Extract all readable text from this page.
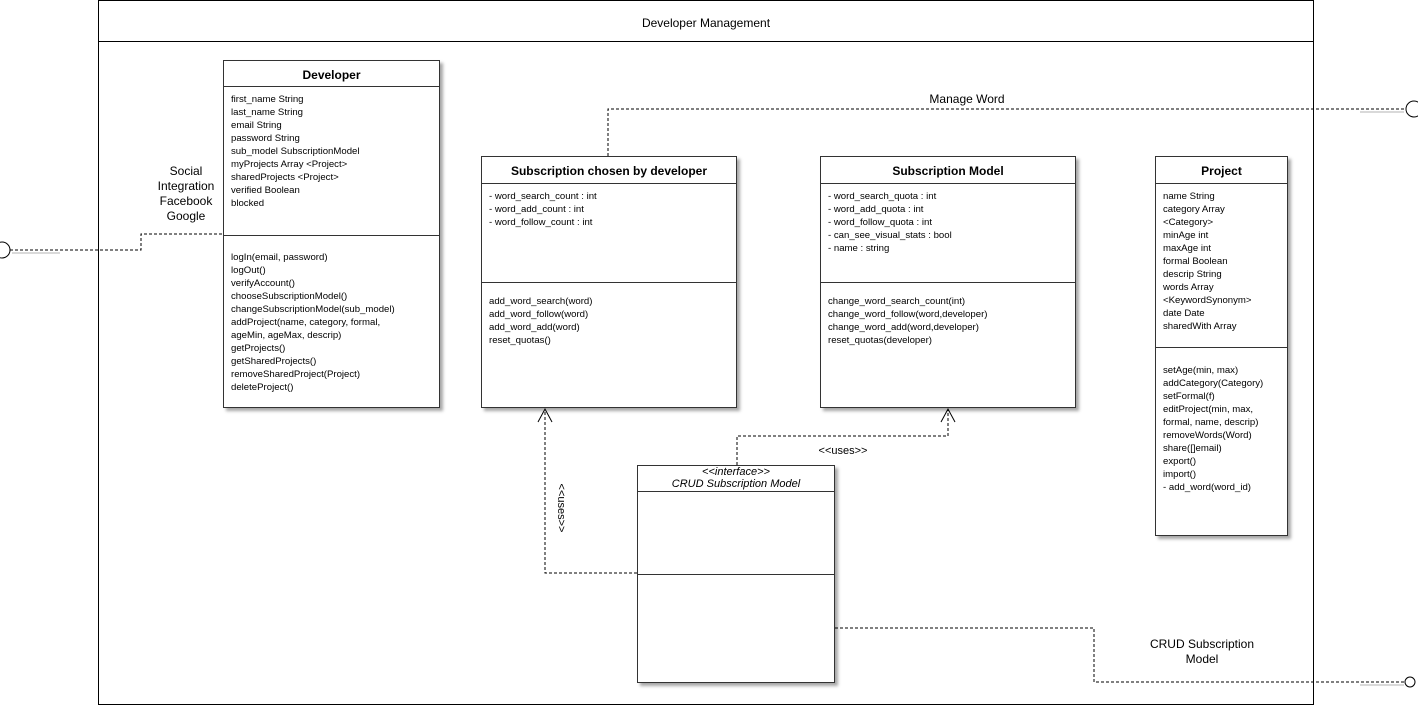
Developer Management
Social
Integration
Facebook
Google
Manage Word
CRUD Subscription
Model
<<uses>>
<<uses>>
Developer
first_name String
last_name String
email String
password String
sub_model SubscriptionModel
myProjects Array <Project>
sharedProjects <Project>
verified Boolean
blocked
logIn(email, password)
logOut()
verifyAccount()
chooseSubscriptionModel()
changeSubscriptionModel(sub_model)
addProject(name, category, formal,
ageMin, ageMax, descrip)
getProjects()
getSharedProjects()
removeSharedProject(Project)
deleteProject()
Subscription chosen by developer
- word_search_count : int
- word_add_count : int
- word_follow_count : int
add_word_search(word)
add_word_follow(word)
add_word_add(word)
reset_quotas()
Subscription Model
- word_search_quota : int
- word_add_quota : int
- word_follow_quota : int
- can_see_visual_stats : bool
- name : string
change_word_search_count(int)
change_word_follow(word,developer)
change_word_add(word,developer)
reset_quotas(developer)
Project
name String
category Array
<Category>
minAge int
maxAge int
formal Boolean
descrip String
words Array
<KeywordSynonym>
date Date
sharedWith Array
setAge(min, max)
addCategory(Category)
setFormal(f)
editProject(min, max,
formal, name, descrip)
removeWords(Word)
share([]email)
export()
import()
- add_word(word_id)
<<interface>>
CRUD Subscription Model
